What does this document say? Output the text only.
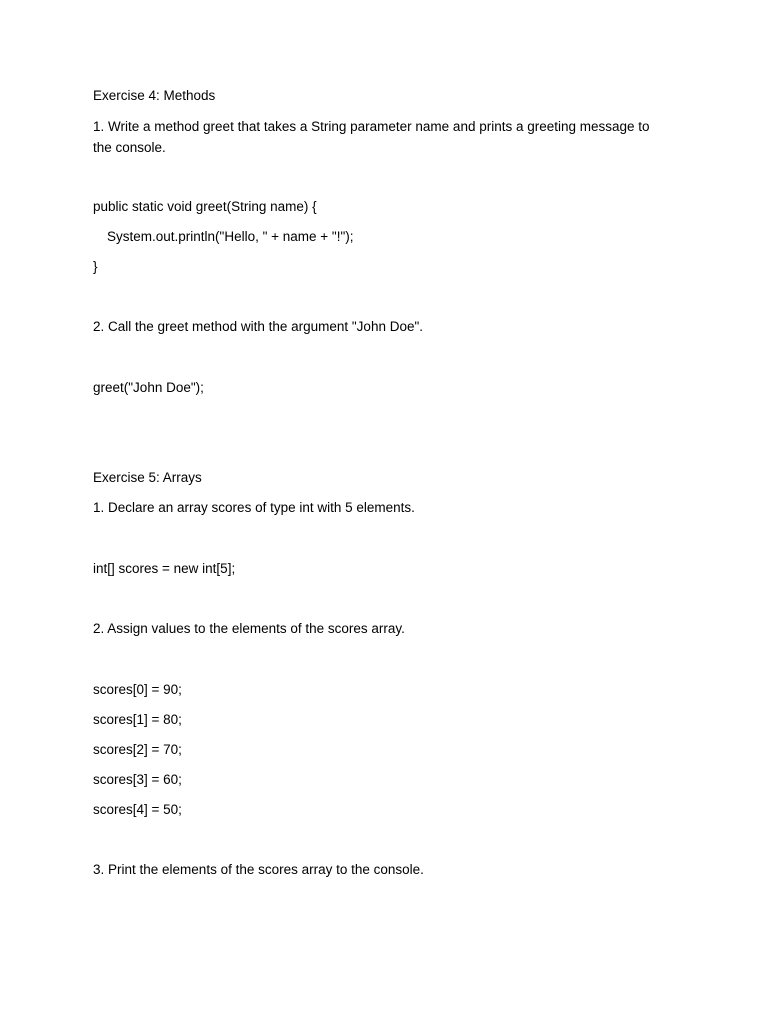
Exercise 4: Methods
1. Write a method greet that takes a String parameter name and prints a greeting message to the console.
public static void greet(String name) {
System.out.println("Hello, " + name + "!");
}
2. Call the greet method with the argument "John Doe".
greet("John Doe");
Exercise 5: Arrays
1. Declare an array scores of type int with 5 elements.
int[] scores = new int[5];
2. Assign values to the elements of the scores array.
scores[0] = 90;
scores[1] = 80;
scores[2] = 70;
scores[3] = 60;
scores[4] = 50;
3. Print the elements of the scores array to the console.
